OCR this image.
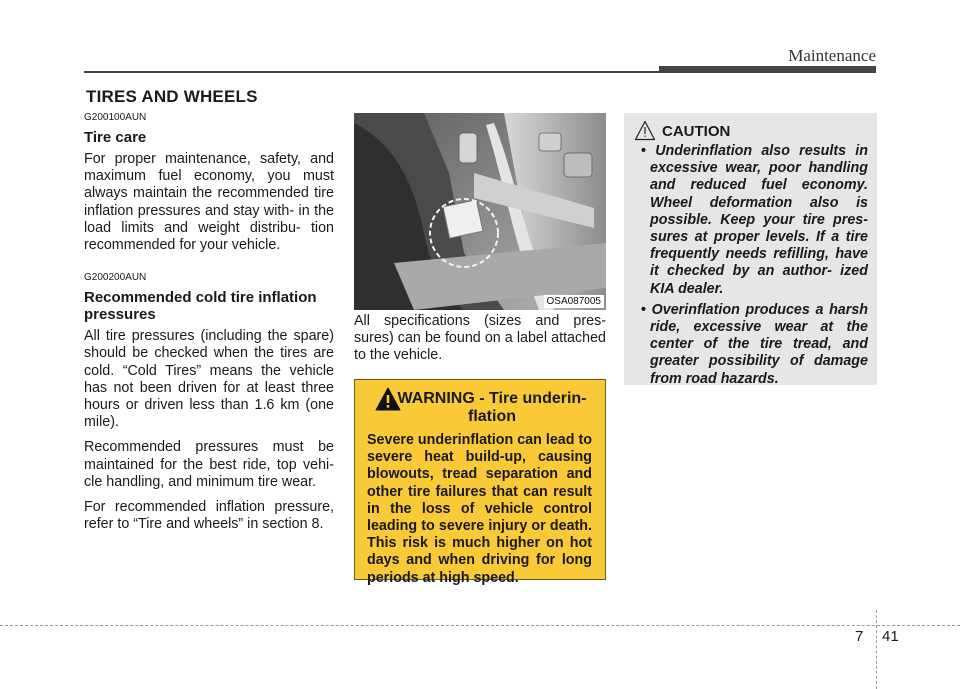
Maintenance
TIRES AND WHEELS

G200100AUN

Tire care

For proper maintenance, safety, and maximum fuel economy, you must always maintain the recommended tire inflation pressures and stay with- in the load limits and weight distribu- tion recommended for your vehicle.

G200200AUN

Recommended cold tire inflation pressures

All tire pressures (including the spare) should be checked when the tires are cold. “Cold Tires” means the vehicle has not been driven for at least three hours or driven less than 1.6 km (one mile).

Recommended pressures must be maintained for the best ride, top vehi- cle handling, and minimum tire wear.

For recommended inflation pressure, refer to “Tire and wheels” in section 8.

OSA087005
All specifications (sizes and pres- sures) can be found on a label attached to the vehicle.
WARNING - Tire underin- flation
Severe underinflation can lead to severe heat build-up, causing blowouts, tread separation and other tire failures that can result in the loss of vehicle control leading to severe injury or death. This risk is much higher on hot days and when driving for long periods at high speed.
CAUTION
• Underinflation also results in excessive wear, poor handling and reduced fuel economy. Wheel deformation also is possible. Keep your tire pres- sures at proper levels. If a tire frequently needs refilling, have it checked by an author- ized KIA dealer.
• Overinflation produces a harsh ride, excessive wear at the center of the tire tread, and greater possibility of damage from road hazards.
7 41
